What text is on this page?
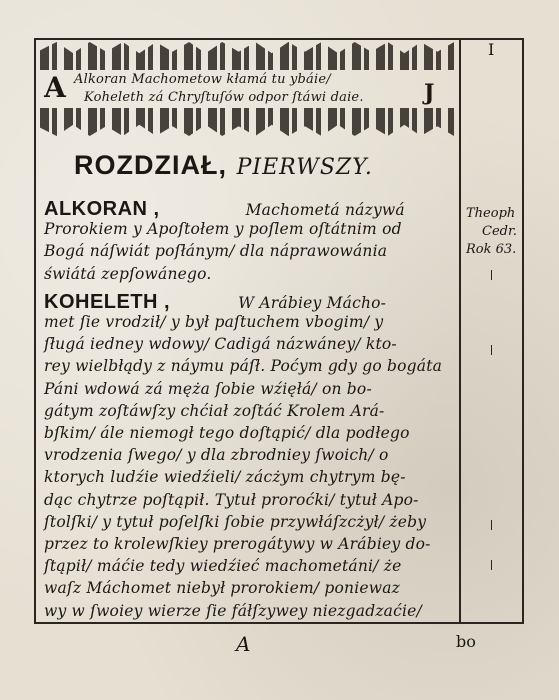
A Alkoran Machometow kłamá tu ybáie/
Koheleth zá Chryſtuſów odpor ſtáwi daie.	J
ROZDZIAŁ, PIERWSZY.
ALKORAN ,	Machometá názywá
Prorokiem y Apoſtołem y poſlem oſtátnim od
Bogá náſwiát poſłánym/ dla náprawowánia
świátá zepſowánego.
KOHELETH ,	W Arábiey Mácho-
met ſie vrodził/ y był paſtuchem vbogim/ y
ſługá iedney wdowy/ Cadigá názwáney/ kto-
rey wielbłądy z náymu páſł. Poćym gdy go bogáta
Páni wdowá zá męża ſobie wźięłá/ on bo-
gátym zoſtáwſzy chćiał zoſtáć Krolem Ará-
bſkim/ ále niemogł tego doſtąpić/ dla podłego
vrodzenia ſwego/ y dla zbrodniey ſwoich/ o
ktorych ludźie wiedźieli/ zácżym chytrym bę-
dąc chytrze poſtąpił. Tytuł proroćki/ tytuł Apo-
ſtolſki/ y tytuł poſelſki ſobie przywłáſzcżył/ żeby
przez to krolewſkiey prerogátywy w Arábiey do-
ſtąpił/ máćie tedy wiedźieć machometáni/ że
waſz Máchomet niebył prorokiem/ poniewaz
wy w ſwoiey wierze ſie fáłſzywey niezgadzaćie/
I
Theoph
Cedr.
Rok 63.
A	bo
